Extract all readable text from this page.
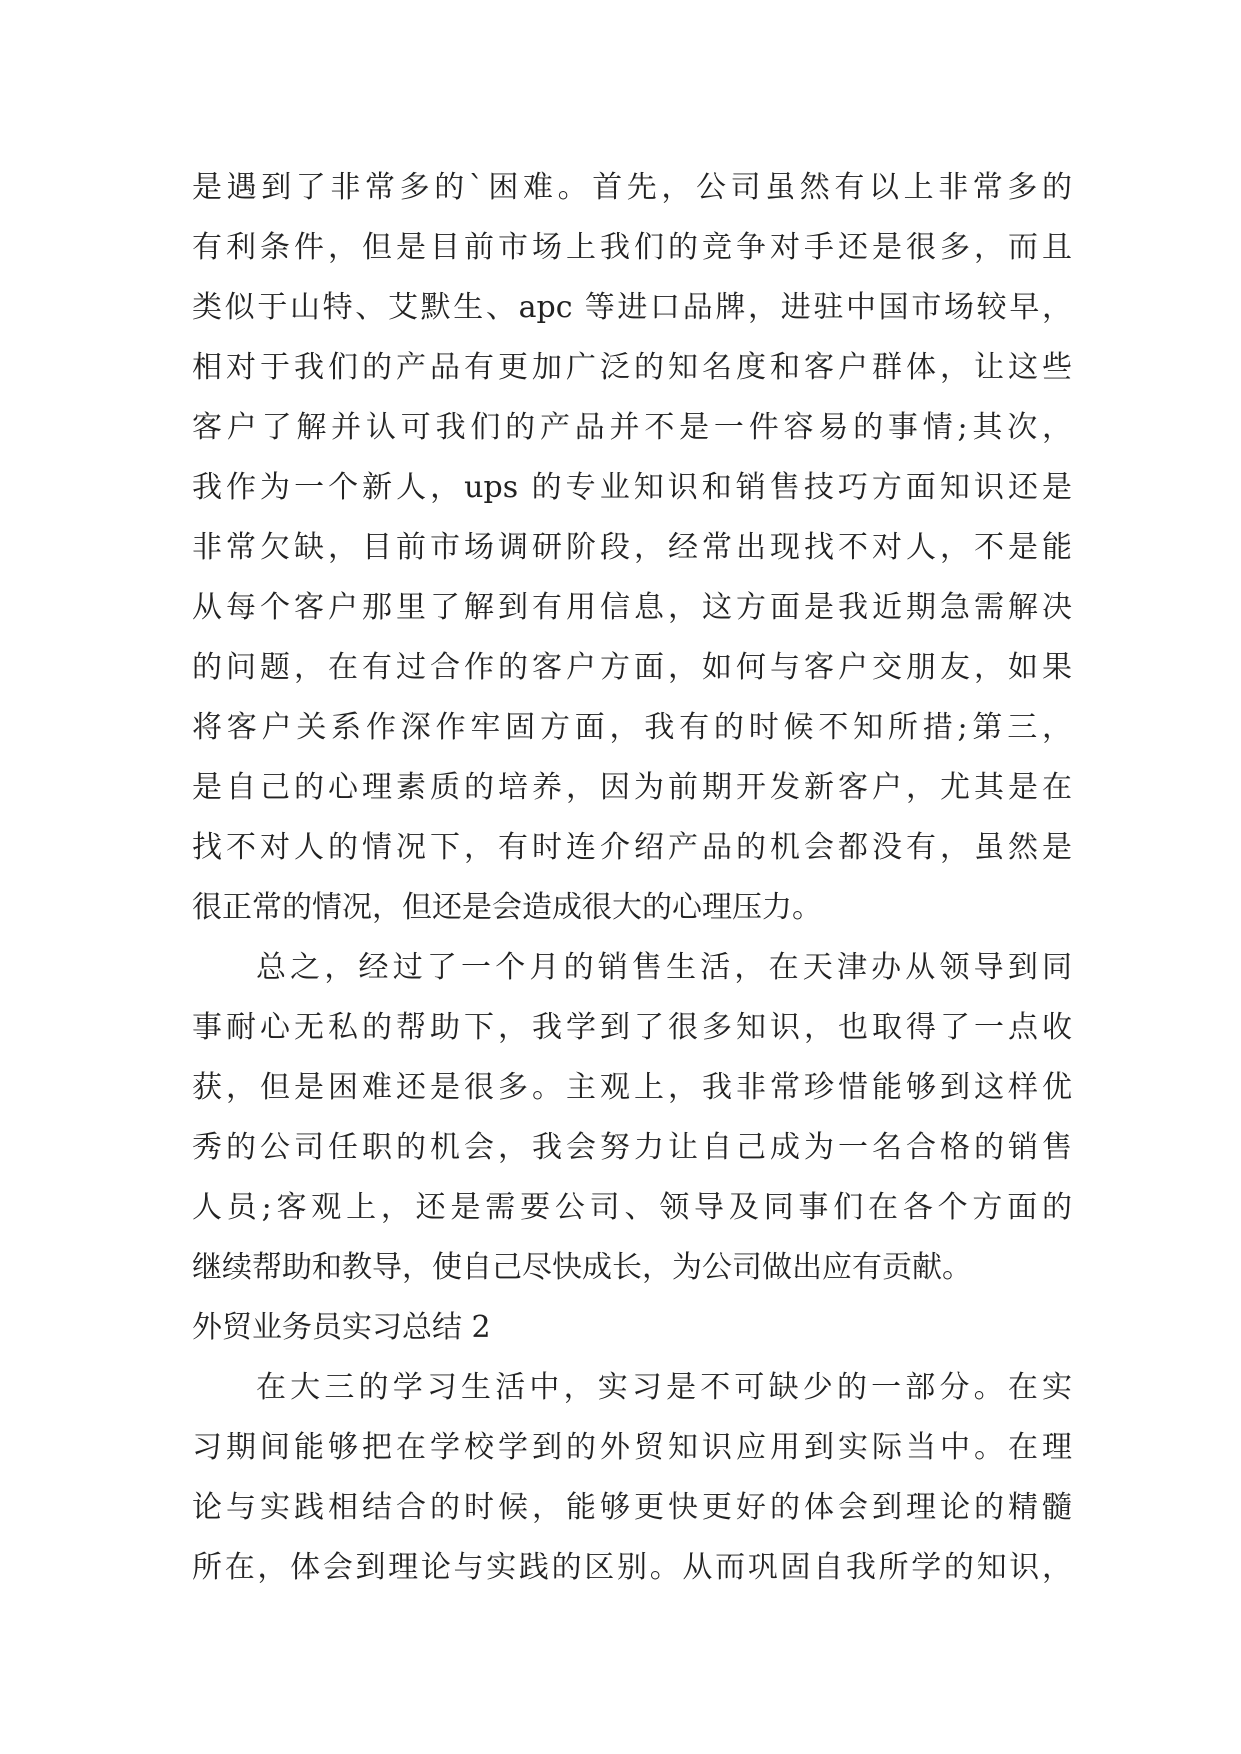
是遇到了非常多的`困难。首先，公司虽然有以上非常多的
有利条件，但是目前市场上我们的竞争对手还是很多，而且
类似于山特、艾默生、apc 等进口品牌，进驻中国市场较早，
相对于我们的产品有更加广泛的知名度和客户群体，让这些
客户了解并认可我们的产品并不是一件容易的事情;其次，
我作为一个新人，ups 的专业知识和销售技巧方面知识还是
非常欠缺，目前市场调研阶段，经常出现找不对人，不是能
从每个客户那里了解到有用信息，这方面是我近期急需解决
的问题，在有过合作的客户方面，如何与客户交朋友，如果
将客户关系作深作牢固方面，我有的时候不知所措;第三，
是自己的心理素质的培养，因为前期开发新客户，尤其是在
找不对人的情况下，有时连介绍产品的机会都没有，虽然是
很正常的情况，但还是会造成很大的心理压力。
总之，经过了一个月的销售生活，在天津办从领导到同
事耐心无私的帮助下，我学到了很多知识，也取得了一点收
获，但是困难还是很多。主观上，我非常珍惜能够到这样优
秀的公司任职的机会，我会努力让自己成为一名合格的销售
人员;客观上，还是需要公司、领导及同事们在各个方面的
继续帮助和教导，使自己尽快成长，为公司做出应有贡献。
外贸业务员实习总结 2
在大三的学习生活中，实习是不可缺少的一部分。在实
习期间能够把在学校学到的外贸知识应用到实际当中。在理
论与实践相结合的时候，能够更快更好的体会到理论的精髓
所在，体会到理论与实践的区别。从而巩固自我所学的知识，
